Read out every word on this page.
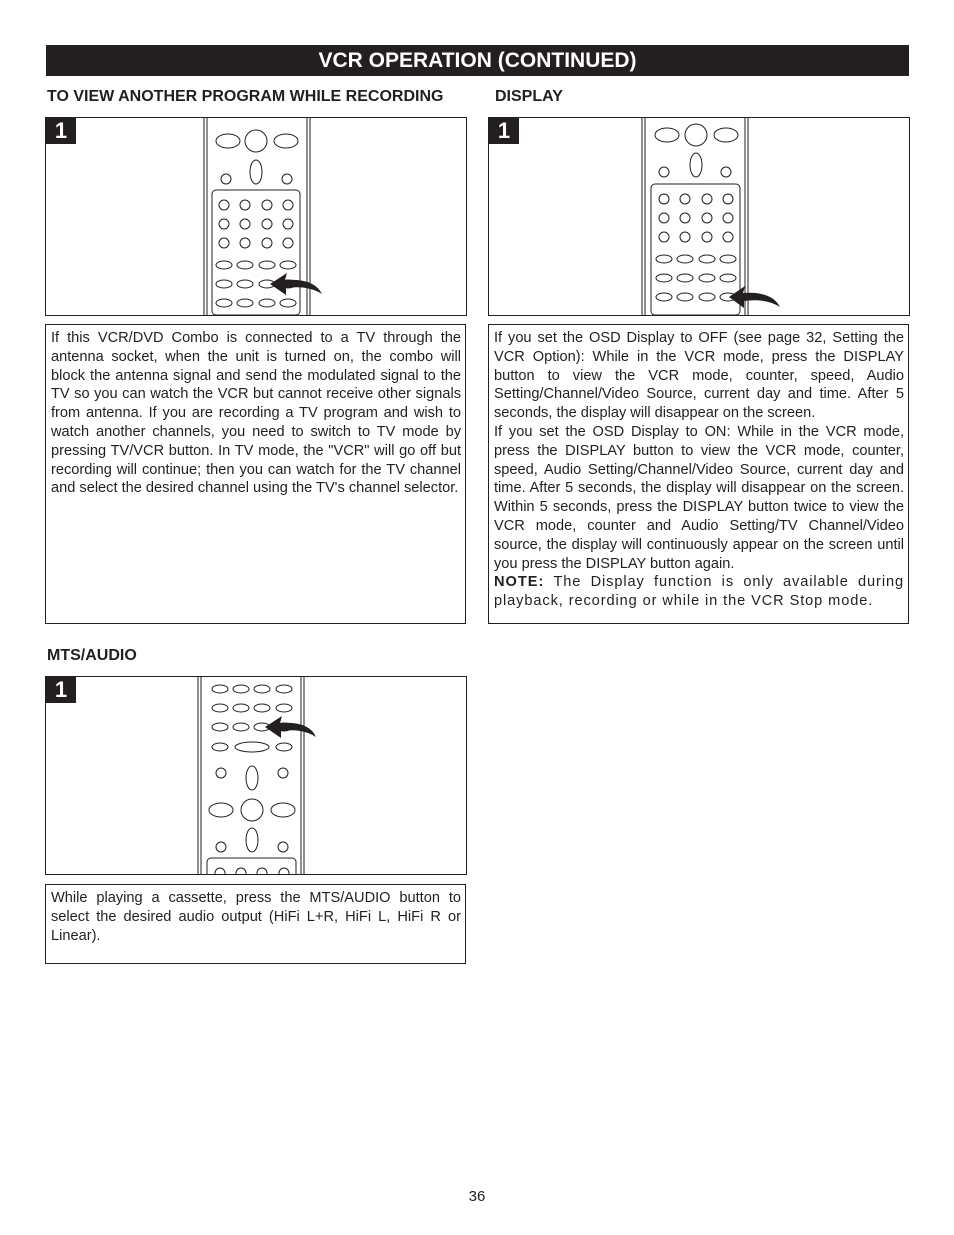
VCR OPERATION (CONTINUED)
TO VIEW ANOTHER PROGRAM WHILE RECORDING
1

If this VCR/DVD Combo is connected to a TV through the antenna socket, when the unit is turned on, the combo will block the antenna signal and send the modulated signal to the TV so you can watch the VCR but cannot receive other signals from antenna. If you are recording a TV program and wish to watch another channels, you need to switch to TV mode by pressing TV/VCR button. In TV mode, the "VCR" will go off but recording will continue; then you can watch for the TV channel and select the desired channel using the TV's channel selector.

DISPLAY
1

If you set the OSD Display to OFF (see page 32, Setting the VCR Option): While in the VCR mode, press the DISPLAY button to view the VCR mode, counter, speed, Audio Setting/Channel/Video Source, current day and time. After 5 seconds, the display will disappear on the screen.

If you set the OSD Display to ON: While in the VCR mode, press the DISPLAY button to view the VCR mode, counter, speed, Audio Setting/Channel/Video Source, current day and time. After 5 seconds, the display will disappear on the screen. Within 5 seconds, press the DISPLAY button twice to view the VCR mode, counter and Audio Setting/TV Channel/Video source, the display will continuously appear on the screen until you press the DISPLAY button again.

NOTE: The Display function is only available during playback, recording or while in the VCR Stop mode.

MTS/AUDIO
1

While playing a cassette, press the MTS/AUDIO button to select the desired audio output (HiFi L+R, HiFi L, HiFi R or Linear).

36
